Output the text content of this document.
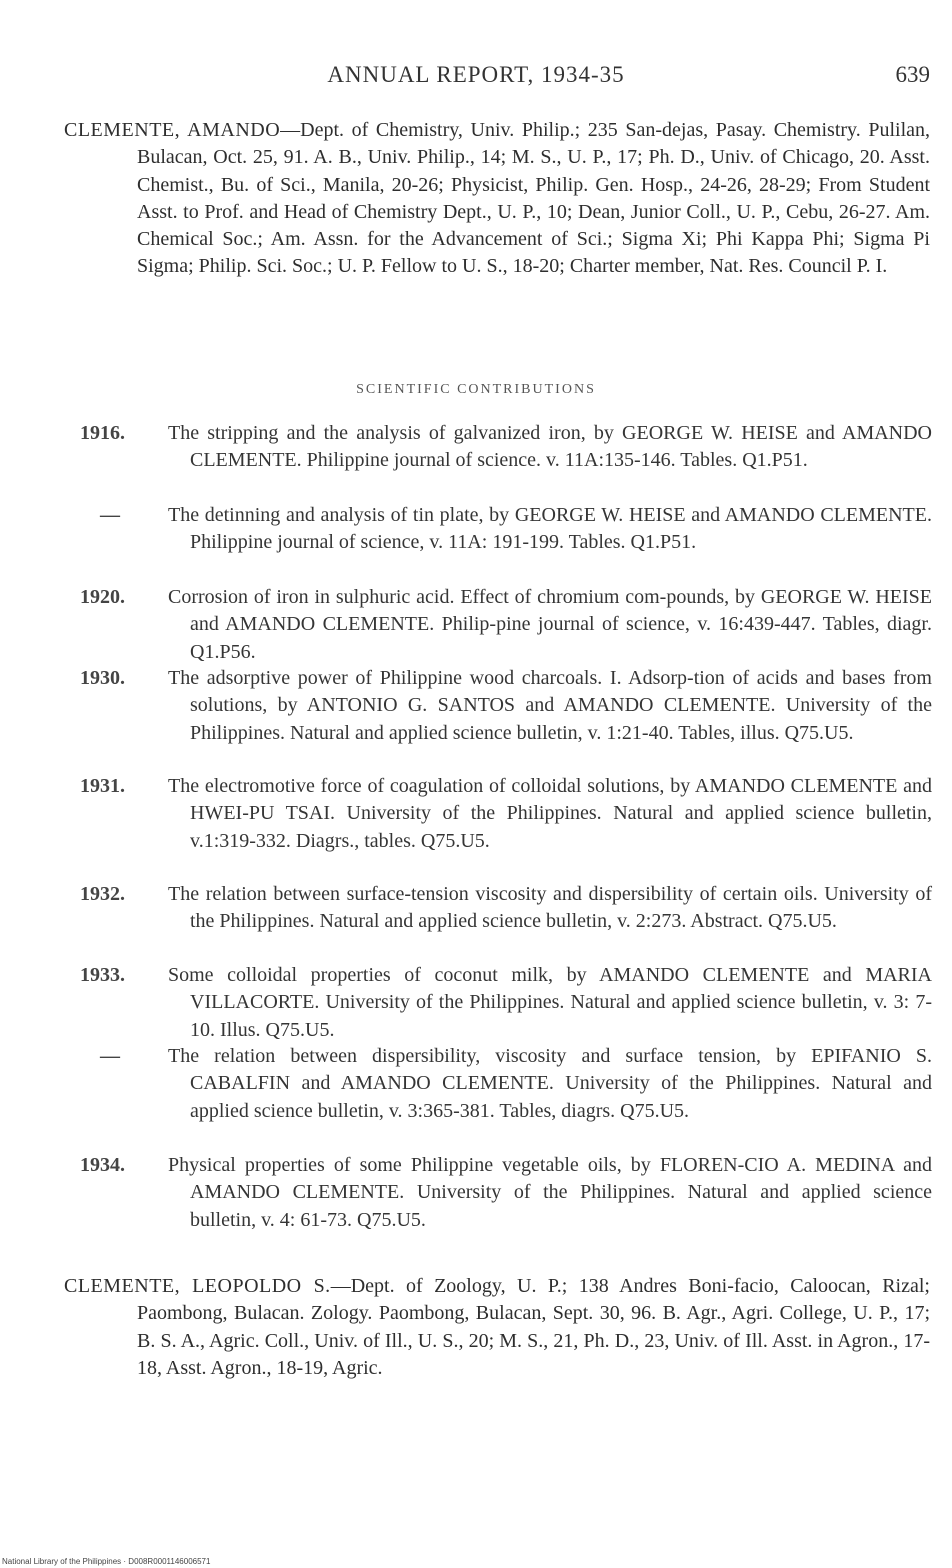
ANNUAL REPORT, 1934-35	639
CLEMENTE, AMANDO—Dept. of Chemistry, Univ. Philip.; 235 San-dejas, Pasay. Chemistry. Pulilan, Bulacan, Oct. 25, 91. A. B., Univ. Philip., 14; M. S., U. P., 17; Ph. D., Univ. of Chicago, 20. Asst. Chemist., Bu. of Sci., Manila, 20-26; Physicist, Philip. Gen. Hosp., 24-26, 28-29; From Student Asst. to Prof. and Head of Chemistry Dept., U. P., 10; Dean, Junior Coll., U. P., Cebu, 26-27. Am. Chemical Soc.; Am. Assn. for the Advancement of Sci.; Sigma Xi; Phi Kappa Phi; Sigma Pi Sigma; Philip. Sci. Soc.; U. P. Fellow to U. S., 18-20; Charter member, Nat. Res. Council P. I.
SCIENTIFIC CONTRIBUTIONS
1916.	The stripping and the analysis of galvanized iron, by GEORGE W. HEISE and AMANDO CLEMENTE. Philippine journal of science. v. 11A:135-146. Tables. Q1.P51.
—	The detinning and analysis of tin plate, by GEORGE W. HEISE and AMANDO CLEMENTE. Philippine journal of science, v. 11A: 191-199. Tables. Q1.P51.
1920.	Corrosion of iron in sulphuric acid. Effect of chromium com-pounds, by GEORGE W. HEISE and AMANDO CLEMENTE. Philip-pine journal of science, v. 16:439-447. Tables, diagr. Q1.P56.
1930.	The adsorptive power of Philippine wood charcoals. I. Adsorp-tion of acids and bases from solutions, by ANTONIO G. SANTOS and AMANDO CLEMENTE. University of the Philippines. Natural and applied science bulletin, v. 1:21-40. Tables, illus. Q75.U5.
1931.	The electromotive force of coagulation of colloidal solutions, by AMANDO CLEMENTE and HWEI-PU TSAI. University of the Philippines. Natural and applied science bulletin, v.1:319-332. Diagrs., tables. Q75.U5.
1932.	The relation between surface-tension viscosity and dispersibility of certain oils. University of the Philippines. Natural and applied science bulletin, v. 2:273. Abstract. Q75.U5.
1933.	Some colloidal properties of coconut milk, by AMANDO CLEMENTE and MARIA VILLACORTE. University of the Philippines. Natural and applied science bulletin, v. 3: 7-10. Illus. Q75.U5.
—	The relation between dispersibility, viscosity and surface tension, by EPIFANIO S. CABALFIN and AMANDO CLEMENTE. University of the Philippines. Natural and applied science bulletin, v. 3:365-381. Tables, diagrs. Q75.U5.
1934.	Physical properties of some Philippine vegetable oils, by FLOREN-CIO A. MEDINA and AMANDO CLEMENTE. University of the Philippines. Natural and applied science bulletin, v. 4: 61-73. Q75.U5.
CLEMENTE, LEOPOLDO S.—Dept. of Zoology, U. P.; 138 Andres Boni-facio, Caloocan, Rizal; Paombong, Bulacan. Zology. Paombong, Bulacan, Sept. 30, 96. B. Agr., Agri. College, U. P., 17; B. S. A., Agric. Coll., Univ. of Ill., U. S., 20; M. S., 21, Ph. D., 23, Univ. of Ill. Asst. in Agron., 17-18, Asst. Agron., 18-19, Agric.
National Library of the Philippines · D008R0001146006571
